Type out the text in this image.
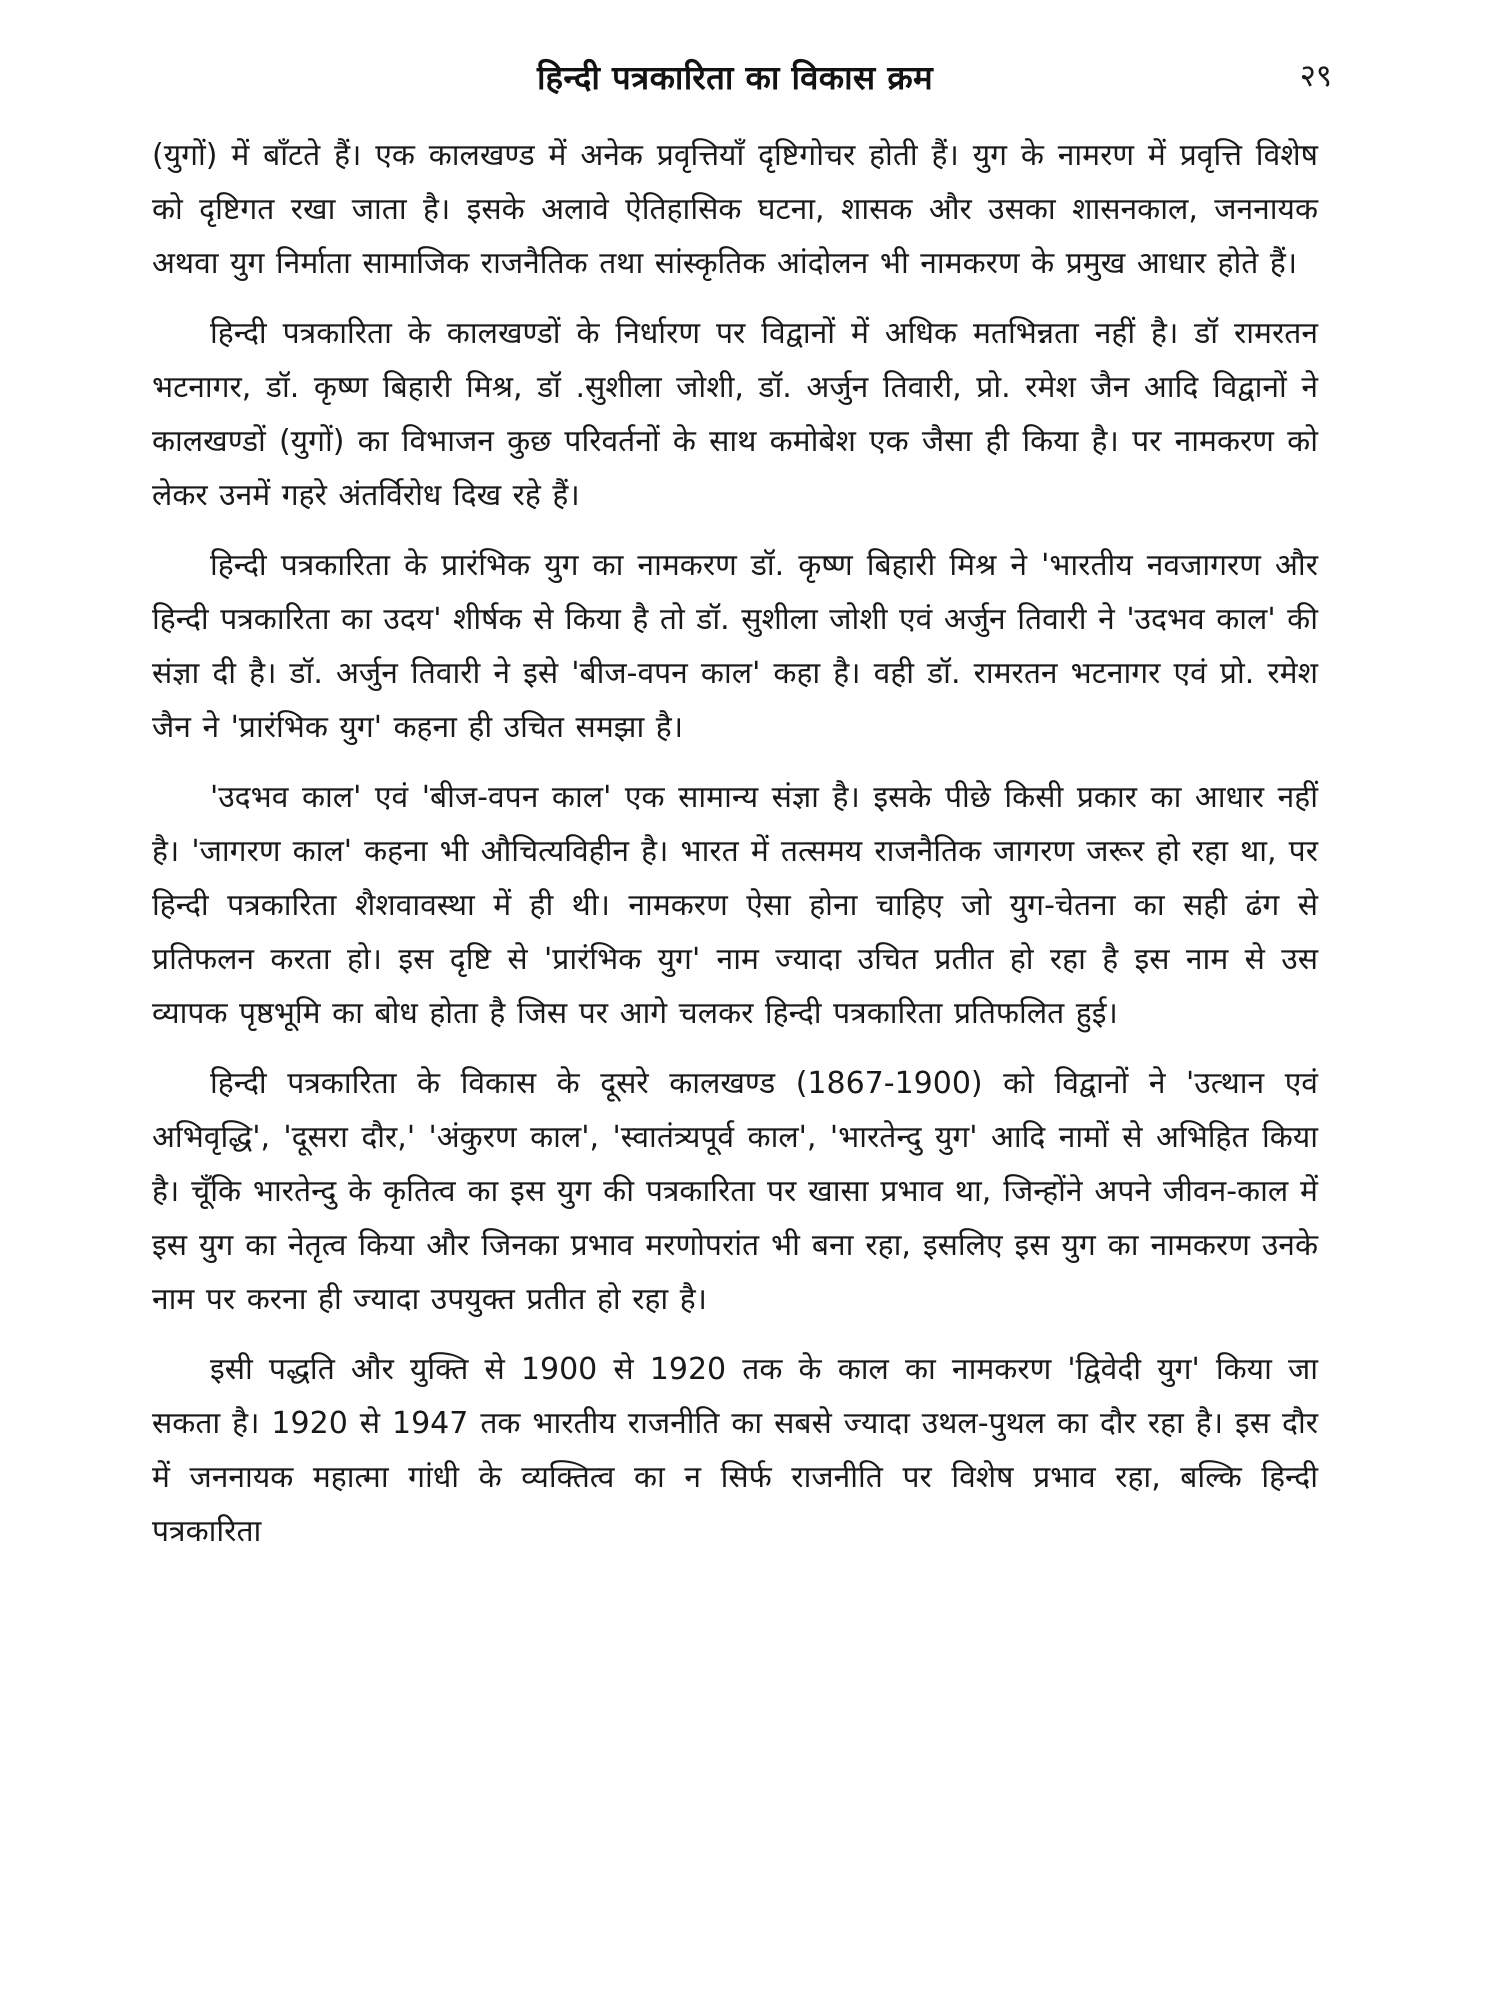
हिन्दी पत्रकारिता का विकास क्रम	२९

(युगों) में बाँटते हैं। एक कालखण्ड में अनेक प्रवृत्तियाँ दृष्टिगोचर होती हैं। युग के नामरण में प्रवृत्ति विशेष को दृष्टिगत रखा जाता है। इसके अलावे ऐतिहासिक घटना, शासक और उसका शासनकाल, जननायक अथवा युग निर्माता सामाजिक राजनैतिक तथा सांस्कृतिक आंदोलन भी नामकरण के प्रमुख आधार होते हैं।

हिन्दी पत्रकारिता के कालखण्डों के निर्धारण पर विद्वानों में अधिक मतभिन्नता नहीं है। डॉ रामरतन भटनागर, डॉ. कृष्ण बिहारी मिश्र, डॉ .सुशीला जोशी, डॉ. अर्जुन तिवारी, प्रो. रमेश जैन आदि विद्वानों ने कालखण्डों (युगों) का विभाजन कुछ परिवर्तनों के साथ कमोबेश एक जैसा ही किया है। पर नामकरण को लेकर उनमें गहरे अंतर्विरोध दिख रहे हैं।

हिन्दी पत्रकारिता के प्रारंभिक युग का नामकरण डॉ. कृष्ण बिहारी मिश्र ने 'भारतीय नवजागरण और हिन्दी पत्रकारिता का उदय' शीर्षक से किया है तो डॉ. सुशीला जोशी एवं अर्जुन तिवारी ने 'उदभव काल' की संज्ञा दी है। डॉ. अर्जुन तिवारी ने इसे 'बीज-वपन काल' कहा है। वही डॉ. रामरतन भटनागर एवं प्रो. रमेश जैन ने 'प्रारंभिक युग' कहना ही उचित समझा है।

'उदभव काल' एवं 'बीज-वपन काल' एक सामान्य संज्ञा है। इसके पीछे किसी प्रकार का आधार नहीं है। 'जागरण काल' कहना भी औचित्यविहीन है। भारत में तत्समय राजनैतिक जागरण जरूर हो रहा था, पर हिन्दी पत्रकारिता शैशवावस्था में ही थी। नामकरण ऐसा होना चाहिए जो युग-चेतना का सही ढंग से प्रतिफलन करता हो। इस दृष्टि से 'प्रारंभिक युग' नाम ज्यादा उचित प्रतीत हो रहा है इस नाम से उस व्यापक पृष्ठभूमि का बोध होता है जिस पर आगे चलकर हिन्दी पत्रकारिता प्रतिफलित हुई।

हिन्दी पत्रकारिता के विकास के दूसरे कालखण्ड (1867-1900) को विद्वानों ने 'उत्थान एवं अभिवृद्धि', 'दूसरा दौर,' 'अंकुरण काल', 'स्वातंत्र्यपूर्व काल', 'भारतेन्दु युग' आदि नामों से अभिहित किया है। चूँकि भारतेन्दु के कृतित्व का इस युग की पत्रकारिता पर खासा प्रभाव था, जिन्होंने अपने जीवन-काल में इस युग का नेतृत्व किया और जिनका प्रभाव मरणोपरांत भी बना रहा, इसलिए इस युग का नामकरण उनके नाम पर करना ही ज्यादा उपयुक्त प्रतीत हो रहा है।

इसी पद्धति और युक्ति से 1900 से 1920 तक के काल का नामकरण 'द्विवेदी युग' किया जा सकता है। 1920 से 1947 तक भारतीय राजनीति का सबसे ज्यादा उथल-पुथल का दौर रहा है। इस दौर में जननायक महात्मा गांधी के व्यक्तित्व का न सिर्फ राजनीति पर विशेष प्रभाव रहा, बल्कि हिन्दी पत्रकारिता
